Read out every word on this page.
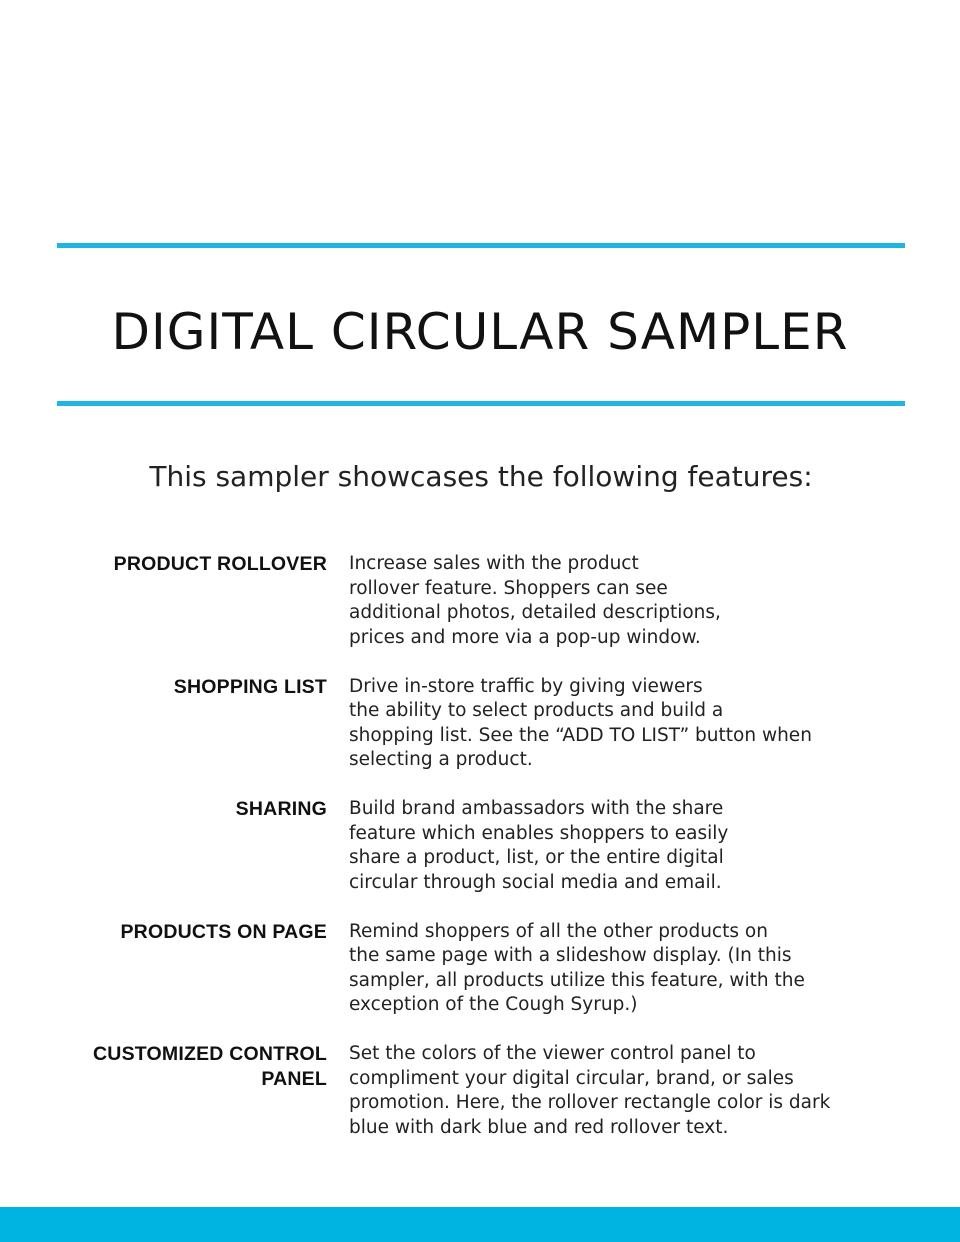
DIGITAL CIRCULAR SAMPLER

This sampler showcases the following features:

PRODUCT ROLLOVER Increase sales with the product
rollover feature. Shoppers can see
additional photos, detailed descriptions,
prices and more via a pop-up window.
SHOPPING LIST Drive in-store traffic by giving viewers
the ability to select products and build a
shopping list. See the “ADD TO LIST” button when
selecting a product.
SHARING Build brand ambassadors with the share
feature which enables shoppers to easily
share a product, list, or the entire digital
circular through social media and email.
PRODUCTS ON PAGE Remind shoppers of all the other products on
the same page with a slideshow display. (In this
sampler, all products utilize this feature, with the
exception of the Cough Syrup.)
CUSTOMIZED CONTROL
PANEL
Set the colors of the viewer control panel to
compliment your digital circular, brand, or sales
promotion. Here, the rollover rectangle color is dark
blue with dark blue and red rollover text.
